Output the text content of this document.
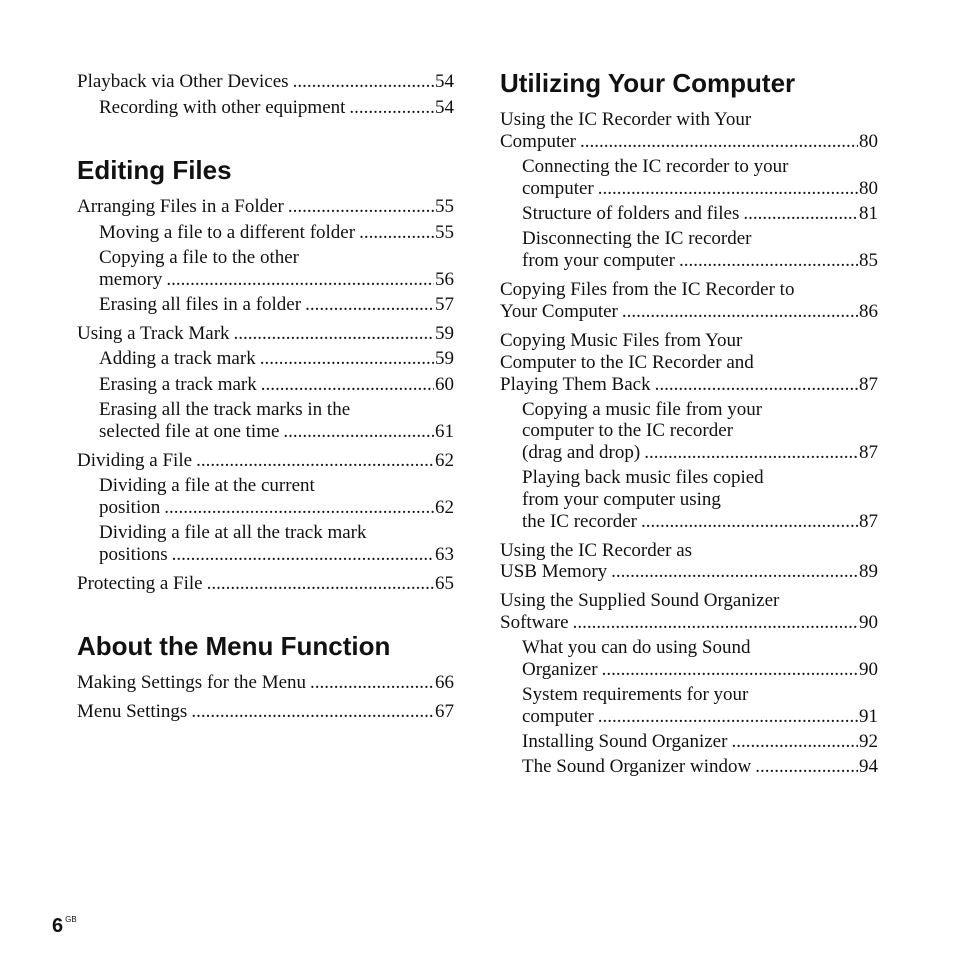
Playback via Other Devices .....	54
Recording with other equipment .....	54
Editing Files
Arranging Files in a Folder .....	55
Moving a file to a different folder .....	55
Copying a file to the other
memory .....	56
Erasing all files in a folder .....	57
Using a Track Mark .....	59
Adding a track mark .....	59
Erasing a track mark .....	60
Erasing all the track marks in the
selected file at one time .....	61
Dividing a File .....	62
Dividing a file at the current
position .....	62
Dividing a file at all the track mark
positions .....	63
Protecting a File .....	65
About the Menu Function
Making Settings for the Menu .....	66
Menu Settings .....	67
Utilizing Your Computer
Using the IC Recorder with Your
Computer .....	80
Connecting the IC recorder to your
computer .....	80
Structure of folders and files .....	81
Disconnecting the IC recorder
from your computer .....	85
Copying Files from the IC Recorder to
Your Computer .....	86
Copying Music Files from Your
Computer to the IC Recorder and
Playing Them Back .....	87
Copying a music file from your
computer to the IC recorder
(drag and drop) .....	87
Playing back music files copied
from your computer using
the IC recorder .....	87
Using the IC Recorder as
USB Memory .....	89
Using the Supplied Sound Organizer
Software .....	90
What you can do using Sound
Organizer .....	90
System requirements for your
computer .....	91
Installing Sound Organizer .....	92
The Sound Organizer window .....	94
6 $^{GB}$
